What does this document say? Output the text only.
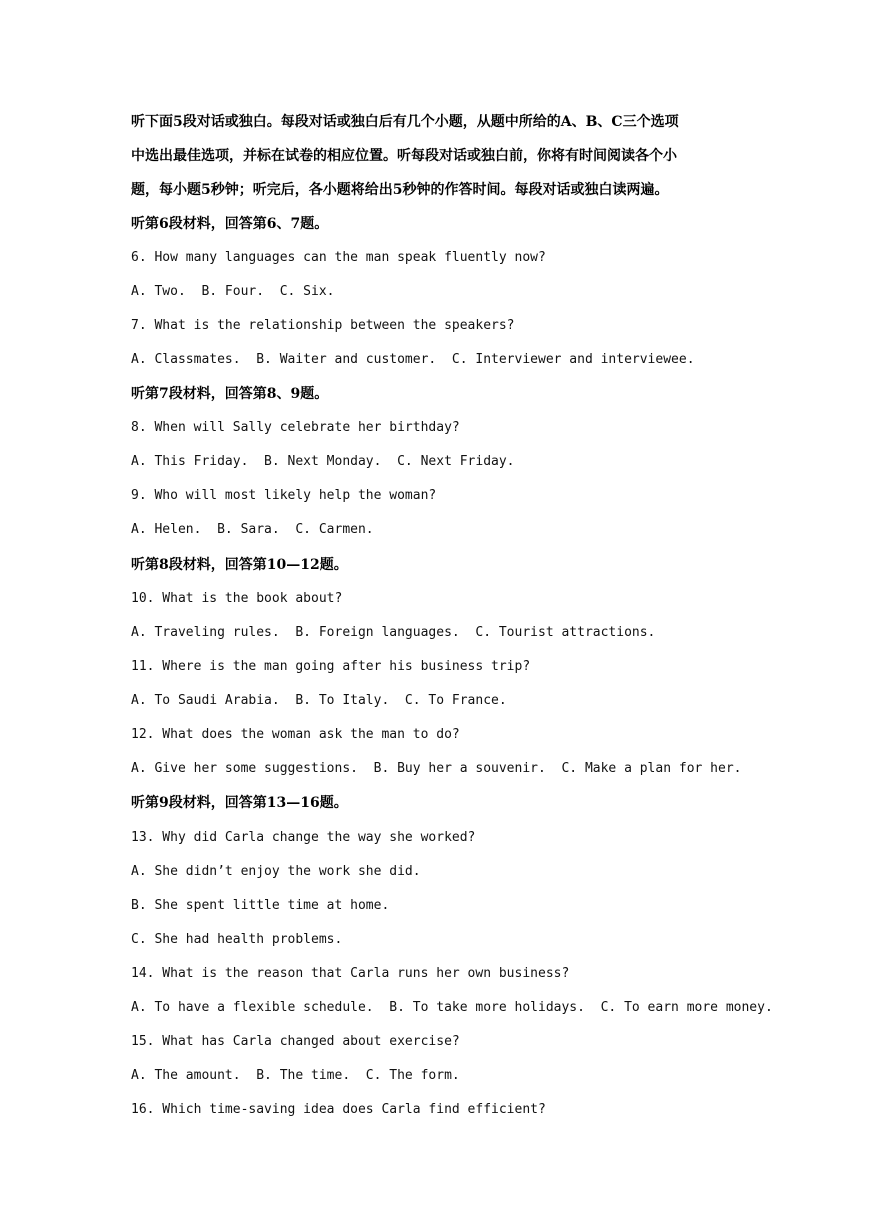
听下面5段对话或独白。每段对话或独白后有几个小题，从题中所给的A、B、C三个选项
中选出最佳选项，并标在试卷的相应位置。听每段对话或独白前，你将有时间阅读各个小
题，每小题5秒钟；听完后，各小题将给出5秒钟的作答时间。每段对话或独白读两遍。
听第6段材料，回答第6、7题。
6. How many languages can the man speak fluently now?
A. Two.  B. Four.  C. Six.
7. What is the relationship between the speakers?
A. Classmates.  B. Waiter and customer.  C. Interviewer and interviewee.
听第7段材料，回答第8、9题。
8. When will Sally celebrate her birthday?
A. This Friday.  B. Next Monday.  C. Next Friday.
9. Who will most likely help the woman?
A. Helen.  B. Sara.  C. Carmen.
听第8段材料，回答第10—12题。
10. What is the book about?
A. Traveling rules.  B. Foreign languages.  C. Tourist attractions.
11. Where is the man going after his business trip?
A. To Saudi Arabia.  B. To Italy.  C. To France.
12. What does the woman ask the man to do?
A. Give her some suggestions.  B. Buy her a souvenir.  C. Make a plan for her.
听第9段材料，回答第13—16题。
13. Why did Carla change the way she worked?
A. She didn’t enjoy the work she did.
B. She spent little time at home.
C. She had health problems.
14. What is the reason that Carla runs her own business?
A. To have a flexible schedule.  B. To take more holidays.  C. To earn more money.
15. What has Carla changed about exercise?
A. The amount.  B. The time.  C. The form.
16. Which time-saving idea does Carla find efficient?
